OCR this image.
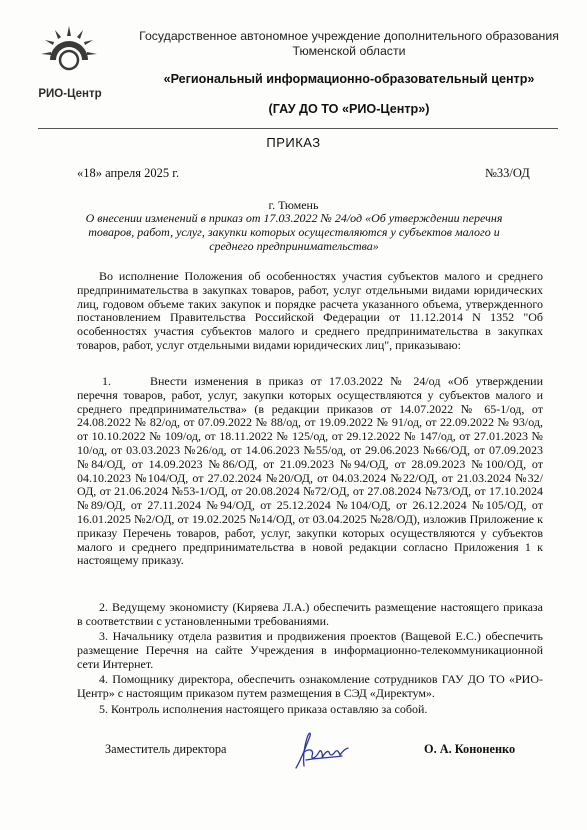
РИО-Центр
Государственное автономное учреждение дополнительного образования
Тюменской области
«Региональный информационно-образовательный центр»
(ГАУ ДО ТО «РИО-Центр»)
ПРИКАЗ
«18» апреля 2025 г.	№33/ОД
г. Тюмень
О внесении изменений в приказ от 17.03.2022 № 24/од «Об утверждении перечня товаров, работ, услуг, закупки которых осуществляются у субъектов малого и среднего предпринимательства»
Во исполнение Положения об особенностях участия субъектов малого и среднего предпринимательства в закупках товаров, работ, услуг отдельными видами юридических лиц, годовом объеме таких закупок и порядке расчета указанного объема, утвержденного постановлением Правительства Российской Федерации от 11.12.2014 N 1352 "Об особенностях участия субъектов малого и среднего предпринимательства в закупках товаров, работ, услуг отдельными видами юридических лиц", приказываю:
1.	Внести изменения в приказ от 17.03.2022 № 24/од «Об утверждении перечня товаров, работ, услуг, закупки которых осуществляются у субъектов малого и среднего предпринимательства» (в редакции приказов от 14.07.2022 № 65-1/од, от 24.08.2022 № 82/од, от 07.09.2022 № 88/од, от 19.09.2022 № 91/од, от 22.09.2022 № 93/од, от 10.10.2022 № 109/од, от 18.11.2022 № 125/од, от 29.12.2022 № 147/од, от 27.01.2023 № 10/од, от 03.03.2023 №26/од, от 14.06.2023 №55/од, от 29.06.2023 №66/ОД, от 07.09.2023 №84/ОД, от 14.09.2023 №86/ОД, от 21.09.2023 №94/ОД, от 28.09.2023 №100/ОД, от 04.10.2023 №104/ОД, от 27.02.2024 №20/ОД, от 04.03.2024 №22/ОД, от 21.03.2024 №32/ОД, от 21.06.2024 №53-1/ОД, от 20.08.2024 №72/ОД, от 27.08.2024 №73/ОД, от 17.10.2024 №89/ОД, от 27.11.2024 №94/ОД, от 25.12.2024 №104/ОД, от 26.12.2024 №105/ОД, от 16.01.2025 №2/ОД, от 19.02.2025 №14/ОД, от 03.04.2025 №28/ОД), изложив Приложение к приказу Перечень товаров, работ, услуг, закупки которых осуществляются у субъектов малого и среднего предпринимательства в новой редакции согласно Приложения 1 к настоящему приказу.
2. Ведущему экономисту (Киряева Л.А.) обеспечить размещение настоящего приказа в соответствии с установленными требованиями.
3. Начальнику отдела развития и продвижения проектов (Ващевой Е.С.) обеспечить размещение Перечня на сайте Учреждения в информационно-телекоммуникационной сети Интернет.
4. Помощнику директора, обеспечить ознакомление сотрудников ГАУ ДО ТО «РИО-Центр» с настоящим приказом путем размещения в СЭД «Директум».
5. Контроль исполнения настоящего приказа оставляю за собой.
Заместитель директора	О. А. Кононенко
